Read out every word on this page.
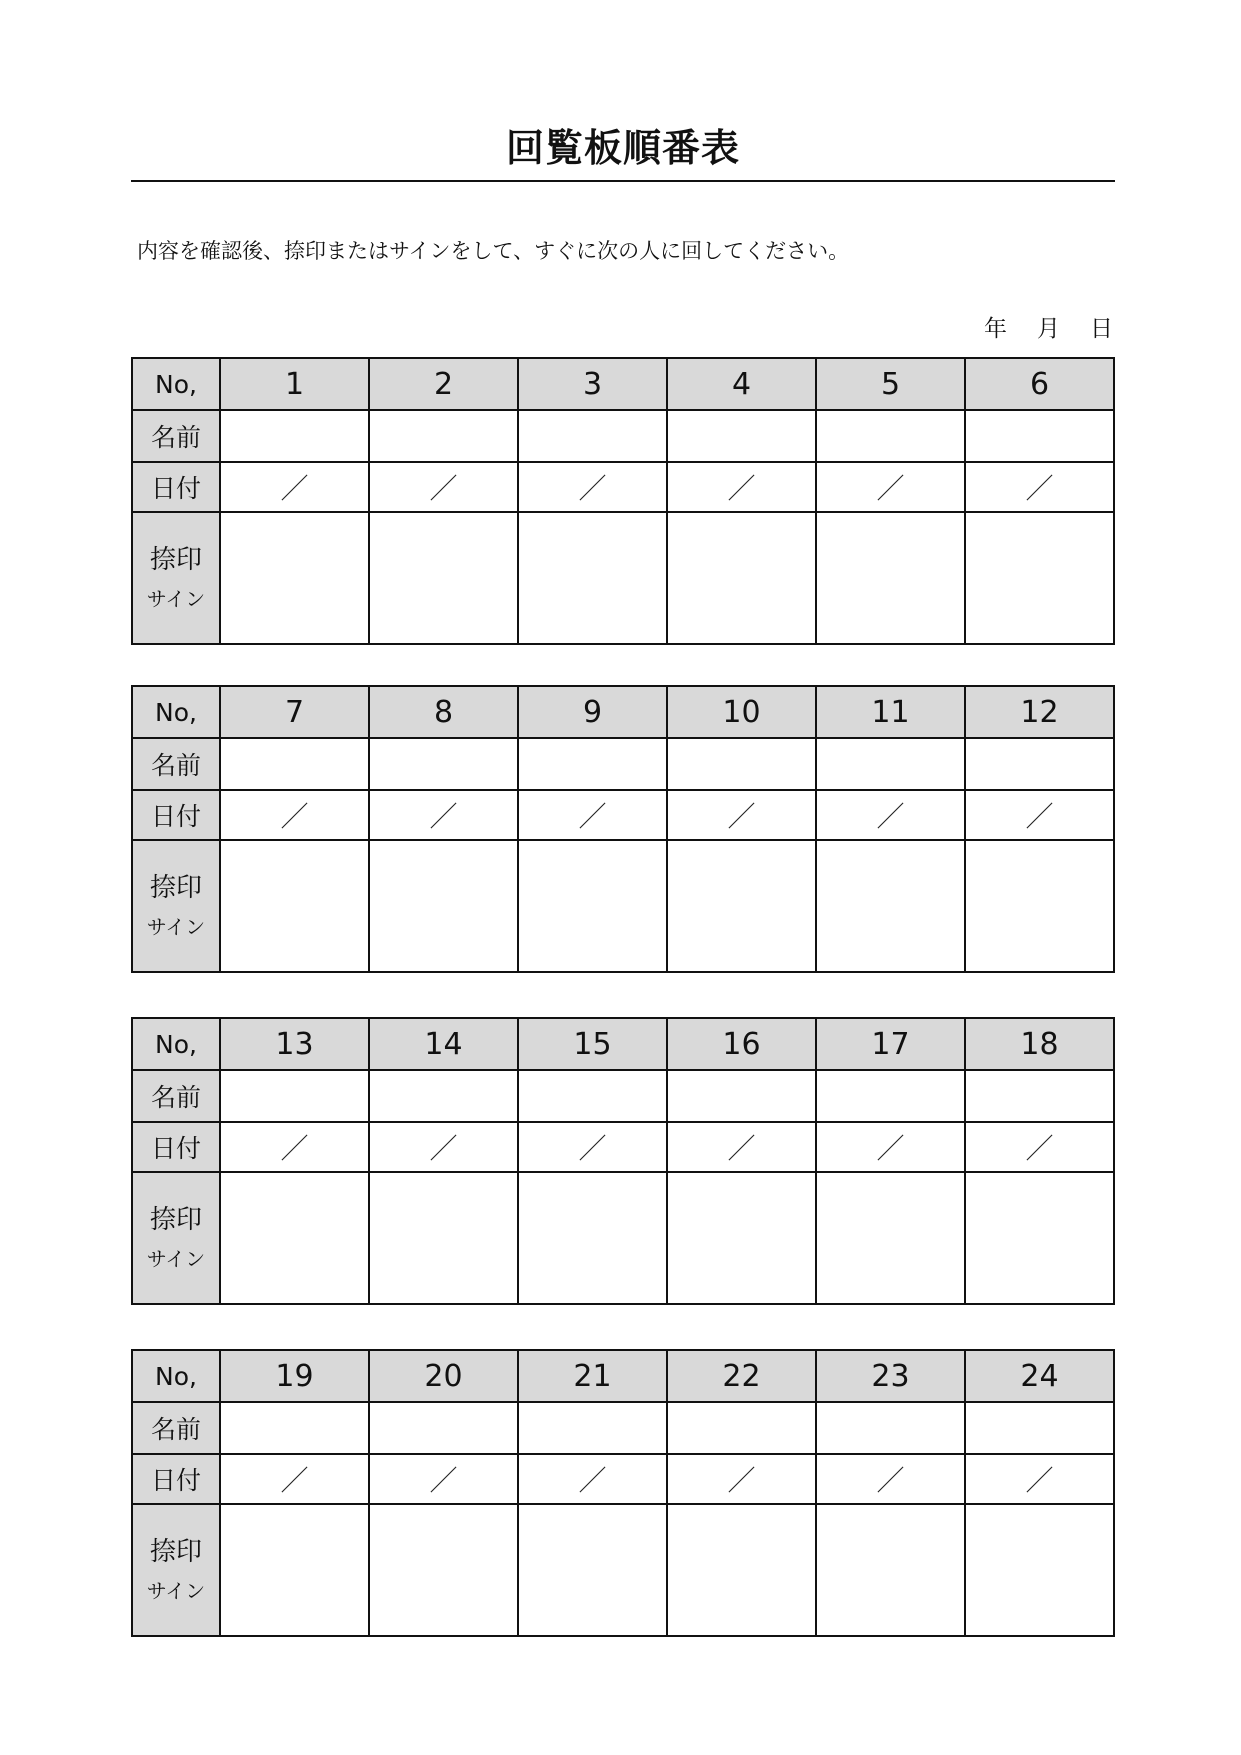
回覧板順番表
内容を確認後、捺印またはサインをして、すぐに次の人に回してください。
年 月 日
No,	1	2	3	4	5	6
名前						
日付	／	／	／	／	／	／

捺印
サイン						

No,	7	8	9	10	11	12
名前						
日付	／	／	／	／	／	／

捺印
サイン						

No,	13	14	15	16	17	18
名前						
日付	／	／	／	／	／	／

捺印
サイン						

No,	19	20	21	22	23	24
名前						
日付	／	／	／	／	／	／

捺印
サイン						
